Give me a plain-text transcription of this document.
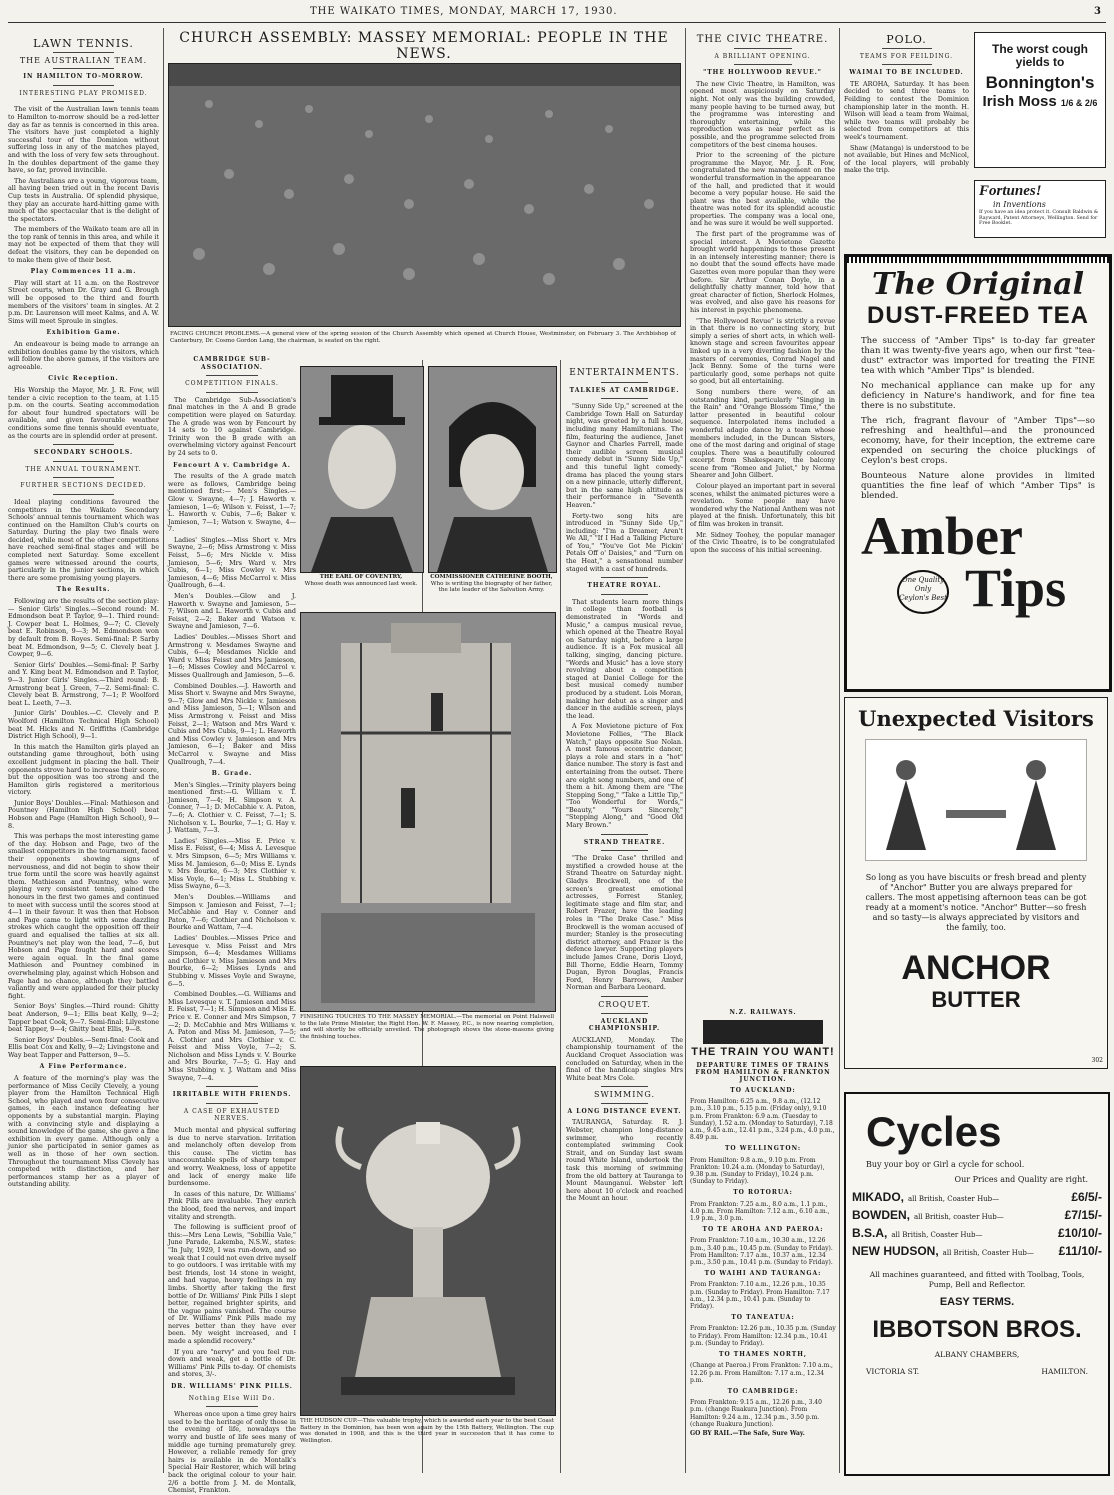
THE WAIKATO TIMES, MONDAY, MARCH 17, 1930.	3
LAWN TENNIS.
THE AUSTRALIAN TEAM.
IN HAMILTON TO-MORROW.
INTERESTING PLAY PROMISED.

The visit of the Australian lawn tennis team to Hamilton to-morrow should be a red-letter day as far as tennis is concerned in this area. The visitors have just completed a highly successful tour of the Dominion without suffering loss in any of the matches played, and with the loss of very few sets throughout. In the doubles department of the game they have, so far, proved invincible.

The Australians are a young, vigorous team, all having been tried out in the recent Davis Cup tests in Australia. Of splendid physique, they play an accurate hard-hitting game with much of the spectacular that is the delight of the spectators.

The members of the Waikato team are all in the top rank of tennis in this area, and while it may not be expected of them that they will defeat the visitors, they can be depended on to make them give of their best.

Play Commences 11 a.m.

Play will start at 11 a.m. on the Rostrevor Street courts, when Dr. Gray and G. Brough will be opposed to the third and fourth members of the visitors' team in singles. At 2 p.m. Dr. Laurenson will meet Kalms, and A. W. Sims will meet Sproule in singles.

Exhibition Game.

An endeavour is being made to arrange an exhibition doubles game by the visitors, which will follow the above games, if the visitors are agreeable.

Civic Reception.

His Worship the Mayor, Mr. J. R. Fow, will tender a civic reception to the team, at 1.15 p.m. on the courts. Seating accommodation for about four hundred spectators will be available, and given favourable weather conditions some fine tennis should eventuate, as the courts are in splendid order at present.

SECONDARY SCHOOLS.
THE ANNUAL TOURNAMENT.
FURTHER SECTIONS DECIDED.

Ideal playing conditions favoured the competitors in the Waikato Secondary Schools' annual tennis tournament which was continued on the Hamilton Club's courts on Saturday. During the play two finals were decided, while most of the other competitions have reached semi-final stages and will be completed next Saturday. Some excellent games were witnessed around the courts, particularly in the junior sections, in which there are some promising young players.

The Results.

Following are the results of the section play:— Senior Girls' Singles.—Second round: M. Edmondson beat P. Taylor, 9—1. Third round: J. Cowper beat L. Holmes, 9—7; C. Clevely beat E. Robinson, 9—3; M. Edmondson won by default from B. Royes. Semi-final: P. Sarby beat M. Edmondson, 9—5; C. Clevely beat J. Cowper, 9—6.

Senior Girls' Doubles.—Semi-final: P. Sarby and Y. King beat M. Edmondson and P. Taylor, 9—3. Junior Girls' Singles.—Third round: B. Armstrong beat J. Green, 7—2. Semi-final: C. Clevely beat B. Armstrong, 7—1; P. Woolford beat L. Leeth, 7—3.

Junior Girls' Doubles.—C. Clevely and P. Woolford (Hamilton Technical High School) beat M. Hicks and N. Griffiths (Cambridge District High School), 9—1.

In this match the Hamilton girls played an outstanding game throughout, both using excellent judgment in placing the ball. Their opponents strove hard to increase their score, but the opposition was too strong and the Hamilton girls registered a meritorious victory.

Junior Boys' Doubles.—Final: Mathieson and Pountney (Hamilton High School) beat Hobson and Page (Hamilton High School), 9—8.

This was perhaps the most interesting game of the day. Hobson and Page, two of the smallest competitors in the tournament, faced their opponents showing signs of nervousness, and did not begin to show their true form until the score was heavily against them. Mathieson and Pountney, who were playing very consistent tennis, gained the honours in the first two games and continued to meet with success until the scores stood at 4—1 in their favour. It was then that Hobson and Page came to light with some dazzling strokes which caught the opposition off their guard and equalised the tallies at six all. Pountney's net play won the lead, 7—6, but Hobson and Page fought hard and scores were again equal. In the final game Mathieson and Pountney combined in overwhelming play, against which Hobson and Page had no chance, although they battled valiantly and were applauded for their plucky fight.

Senior Boys' Singles.—Third round: Ghitty beat Anderson, 9—1; Ellis beat Kelly, 9—2; Tapper beat Cook, 9—7. Semi-final: Lilyestone beat Tapper, 9—4; Ghitty beat Ellis, 9—8.

Senior Boys' Doubles.—Semi-final: Cook and Ellis beat Cox and Kelly, 9—2; Livingstone and Way beat Tapper and Patterson, 9—5.

A Fine Performance.

A feature of the morning's play was the performance of Miss Cecily Clevely, a young player from the Hamilton Technical High School, who played and won four consecutive games, in each instance defeating her opponents by a substantial margin. Playing with a convincing style and displaying a sound knowledge of the game, she gave a fine exhibition in every game. Although only a junior she participated in senior games as well as in those of her own section. Throughout the tournament Miss Clevely has competed with distinction, and her performances stamp her as a player of outstanding ability.

CHURCH ASSEMBLY: MASSEY MEMORIAL: PEOPLE IN THE NEWS.
FACING CHURCH PROBLEMS.—A general view of the spring session of the Church Assembly which opened at Church House, Westminster, on February 3. The Archbishop of Canterbury, Dr. Cosmo Gordon Lang, the chairman, is seated on the right.
THE EARL OF COVENTRY,
Whose death was announced last week.
COMMISSIONER CATHERINE BOOTH,
Who is writing the biography of her father, the late leader of the Salvation Army.
FINISHING TOUCHES TO THE MASSEY MEMORIAL.—The memorial on Point Halswell to the late Prime Minister, the Right Hon. W. F. Massey, P.C., is now nearing completion, and will shortly be officially unveiled. The photograph shows the stone-masons giving the finishing touches.
THE HUDSON CUP.—This valuable trophy, which is awarded each year to the best Coast Battery in the Dominion, has been won again by the 15th Battery, Wellington. The cup was donated in 1908, and this is the third year in succession that it has come to Wellington.
CAMBRIDGE SUB-ASSOCIATION.
COMPETITION FINALS.

The Cambridge Sub-Association's final matches in the A and B grade competition were played on Saturday. The A grade was won by Fencourt by 14 sets to 10 against Cambridge. Trinity won the B grade with an overwhelming victory against Fencourt by 24 sets to 0.

Fencourt A v. Cambridge A.

The results of the A grade match were as follows, Cambridge being mentioned first:— Men's Singles.—Glow v. Swayne, 4—7; J. Haworth v. Jamieson, 1—6; Wilson v. Feisst, 1—7; L. Haworth v. Cubis, 7—6; Baker v. Jamieson, 7—1; Watson v. Swayne, 4—7.

Ladies' Singles.—Miss Short v. Mrs Swayne, 2—6; Miss Armstrong v. Miss Feisst, 5—6; Mrs Nickle v. Miss Jamieson, 5—6; Mrs Ward v. Mrs Cubis, 6—1; Miss Cowley v. Mrs Jamieson, 4—6; Miss McCarrol v. Miss Quallrough, 6—4.

Men's Doubles.—Glow and J. Haworth v. Swayne and Jamieson, 5—7; Wilson and L. Haworth v. Cubis and Feisst, 2—2; Baker and Watson v. Swayne and Jamieson, 7—6.

Ladies' Doubles.—Misses Short and Armstrong v. Mesdames Swayne and Cubis, 6—4; Mesdames Nickle and Ward v. Miss Feisst and Mrs Jamieson, 1—6; Misses Cowley and McCarrol v. Misses Quallrough and Jamieson, 5—6.

Combined Doubles.—J. Haworth and Miss Short v. Swayne and Mrs Swayne, 9—7; Glow and Mrs Nickle v. Jamieson and Miss Jamieson, 5—1; Wilson and Miss Armstrong v. Feisst and Miss Feisst, 2—1; Watson and Mrs Ward v. Cubis and Mrs Cubis, 9—1; L. Haworth and Miss Cowley v. Jamieson and Mrs Jamieson, 6—1; Baker and Miss McCarrol v. Swayne and Miss Quallrough, 7—4.

B. Grade.

Men's Singles.—Trinity players being mentioned first:—G. William v. T. Jamieson, 7—4; H. Simpson v. A. Conner, 7—1; D. McCabhie v. A. Paton, 7—6; A. Clothier v. C. Feisst, 7—1; S. Nicholson v. L. Bourke, 7—1; G. Hay v. J. Wattam, 7—3.

Ladies' Singles.—Miss E. Price v. Miss E. Feisst, 6—4; Miss A. Levesque v. Mrs Simpson, 6—5; Mrs Williams v. Miss M. Jamieson, 6—0; Miss E. Lynds v. Mrs Bourke, 6—3; Mrs Clothier v. Miss Voyle, 6—1; Miss L. Stubbing v. Miss Swayne, 6—3.

Men's Doubles.—Williams and Simpson v. Jamieson and Feisst, 7—1; McCabhie and Hay v. Conner and Paton, 7—6; Clothier and Nicholson v. Bourke and Wattam, 7—4.

Ladies' Doubles.—Misses Price and Levesque v. Miss Feisst and Mrs Simpson, 6—4; Mesdames Williams and Clothier v. Miss Jamieson and Mrs Bourke, 6—2; Misses Lynds and Stubbing v. Misses Voyle and Swayne, 6—5.

Combined Doubles.—G. Williams and Miss Levesque v. T. Jamieson and Miss E. Feisst, 7—1; H. Simpson and Miss E. Price v. E. Conner and Mrs Simpson, 7—2; D. McCabhie and Mrs Williams v. A. Paton and Miss M. Jamieson, 7—5; A. Clothier and Mrs Clothier v. C. Feisst and Miss Voyle, 7—2; S. Nicholson and Miss Lynds v. V. Bourke and Mrs Bourke, 7—5; G. Hay and Miss Stubbing v. J. Wattam and Miss Swayne, 7—4.

IRRITABLE WITH FRIENDS.
A CASE OF EXHAUSTED NERVES.

Much mental and physical suffering is due to nerve starvation. Irritation and melancholy often develop from this cause. The victim has unaccountable spells of sharp temper and worry. Weakness, loss of appetite and lack of energy make life burdensome.

In cases of this nature, Dr. Williams' Pink Pills are invaluable. They enrich the blood, feed the nerves, and impart vitality and strength.

The following is sufficient proof of this:—Mrs Lena Lewis, "Sobillia Vale," June Parade, Lakemba, N.S.W., states: "In July, 1929, I was run-down, and so weak that I could not even drive myself to go outdoors. I was irritable with my best friends, lost 14 stone in weight, and had vague, heavy feelings in my limbs. Shortly after taking the first bottle of Dr. Williams' Pink Pills I slept better, regained brighter spirits, and the vague pains vanished. The course of Dr. Williams' Pink Pills made my nerves better than they have ever been. My weight increased, and I made a splendid recovery."

If you are "nervy" and you feel run-down and weak, get a bottle of Dr. Williams' Pink Pills to-day. Of chemists and stores, 3/-.

DR. WILLIAMS' PINK PILLS.
Nothing Else Will Do.

Whereas once upon a time grey hairs used to be the heritage of only those in the evening of life, nowadays the worry and bustle of life sees many of middle age turning prematurely grey. However, a reliable remedy for grey hairs is available in de Montalk's Special Hair Restorer, which will bring back the original colour to your hair. 2/6 a bottle from J. M. de Montalk, Chemist, Frankton.

ENTERTAINMENTS.
TALKIES AT CAMBRIDGE.

"Sunny Side Up," screened at the Cambridge Town Hall on Saturday night, was greeted by a full house, including many Hamiltonians. The film, featuring the audience, Janet Gaynor and Charles Farrell, made their audible screen musical comedy debut in "Sunny Side Up," and this tuneful light comedy-drama has placed the young stars on a new pinnacle, utterly different, but in the same high altitude as their performance in "Seventh Heaven."

Forty-two song hits are introduced in "Sunny Side Up," including: "I'm a Dreamer, Aren't We All," "If I Had a Talking Picture of You," "You've Got Me Pickin' Petals Off o' Daisies," and "Turn on the Heat," a sensational number staged with a cast of hundreds.

THEATRE ROYAL.

That students learn more things in college than football is demonstrated in "Words and Music," a campus musical revue, which opened at the Theatre Royal on Saturday night, before a large audience. It is a Fox musical all talking, singing, dancing picture. "Words and Music" has a love story revolving about a competition staged at Daniel College for the best musical comedy number produced by a student. Lois Moran, making her debut as a singer and dancer in the audible screen, plays the lead.

A Fox Movietone picture of Fox Movietone Follies, "The Black Watch," plays opposite Sue Nolan. A most famous eccentric dancer, plays a role and stars in a "hot" dance number. The story is fast and entertaining from the outset. There are eight song numbers, and one of them a hit. Among them are "The Stepping Song," "Take a Little Tip," "Too Wonderful for Words," "Beauty," "Yours Sincerely," "Stepping Along," and "Good Old Mary Brown."

STRAND THEATRE.

"The Drake Case" thrilled and mystified a crowded house at the Strand Theatre on Saturday night. Gladys Brockwell, one of the screen's greatest emotional actresses, Forrest Stanley, legitimate stage and film star, and Robert Frazer, have the leading roles in "The Drake Case." Miss Brockwell is the woman accused of murder; Stanley is the prosecuting district attorney, and Frazer is the defence lawyer. Supporting players include James Crane, Doris Lloyd, Bill Thorne, Eddie Hearn, Tommy Dugan, Byron Douglas, Francis Ford, Henry Barrows, Amber Norman and Barbara Leonard.

CROQUET.
AUCKLAND CHAMPIONSHIP.

AUCKLAND, Monday. The championship tournament of the Auckland Croquet Association was concluded on Saturday, when in the final of the handicap singles Mrs White beat Mrs Cole.

SWIMMING.
A LONG DISTANCE EVENT.

TAURANGA, Saturday. R. J. Webster, champion long-distance swimmer, who recently contemplated swimming Cook Strait, and on Sunday last swam round White Island, undertook the task this morning of swimming from the old battery at Tauranga to Mount Maunganui. Webster left here about 10 o'clock and reached the Mount an hour.

THE CIVIC THEATRE.
A BRILLIANT OPENING.
"THE HOLLYWOOD REVUE."

The new Civic Theatre, in Hamilton, was opened most auspiciously on Saturday night. Not only was the building crowded, many people having to be turned away, but the programme was interesting and thoroughly entertaining, while the reproduction was as near perfect as is possible, and the programme selected from competitors of the best cinema houses.

Prior to the screening of the picture programme the Mayor, Mr. J. R. Fow, congratulated the new management on the wonderful transformation in the appearance of the hall, and predicted that it would become a very popular house. He said the plant was the best available, while the theatre was noted for its splendid acoustic properties. The company was a local one, and he was sure it would be well supported.

The first part of the programme was of special interest. A Movietone Gazette brought world happenings to those present in an intensely interesting manner; there is no doubt that the sound effects have made Gazettes even more popular than they were before. Sir Arthur Conan Doyle, in a delightfully chatty manner, told how that great character of fiction, Sherlock Holmes, was evolved, and also gave his reasons for his interest in psychic phenomena.

"The Hollywood Revue" is strictly a revue in that there is no connecting story, but simply a series of short acts, in which well-known stage and screen favourites appear linked up in a very diverting fashion by the masters of ceremonies, Conrad Nagel and Jack Benny. Some of the turns were particularly good, some perhaps not quite so good, but all entertaining.

Song numbers there were, of an outstanding kind, particularly "Singing in the Rain" and "Orange Blossom Time," the latter presented in beautiful colour sequence. Interpolated items included a wonderful adagio dance by a team whose members included, in the Duncan Sisters, one of the most daring and original of stage couples. There was a beautifully coloured excerpt from Shakespeare, the balcony scene from "Romeo and Juliet," by Norma Shearer and John Gilbert.

Colour played an important part in several scenes, whilst the animated pictures were a revelation. Some people may have wondered why the National Anthem was not played at the finish. Unfortunately, this bit of film was broken in transit.

Mr. Sidney Toohey, the popular manager of the Civic Theatre, is to be congratulated upon the success of his initial screening.

N.Z. RAILWAYS.
THE TRAIN YOU WANT!
DEPARTURE TIMES OF TRAINS FROM HAMILTON & FRANKTON JUNCTION.
TO AUCKLAND:
From Hamilton: 6.25 a.m., 9.8 a.m., (12.12 p.m., 3.10 p.m., 5.15 p.m. (Friday only), 9.10 p.m. From Frankton: 6.9 a.m. (Tuesday to Sunday), 1.52 a.m. (Monday to Saturday), 7.18 a.m., 9.45 a.m., 12.41 p.m., 3.24 p.m., 4.0 p.m., 8.49 p.m.
TO WELLINGTON:
From Hamilton: 9.8 a.m., 9.10 p.m. From Frankton: 10.24 a.m. (Monday to Saturday), 9.38 p.m. (Sunday to Friday), 10.24 p.m. (Sunday to Friday).
TO ROTORUA:
From Frankton: 7.25 a.m., 8.0 a.m., 1.1 p.m., 4.0 p.m. From Hamilton: 7.12 a.m., 6.10 a.m., 1.9 p.m., 3.0 p.m.
TO TE AROHA AND PAEROA:
From Frankton: 7.10 a.m., 10.30 a.m., 12.26 p.m., 3.40 p.m., 10.45 p.m. (Sunday to Friday). From Hamilton: 7.17 a.m., 10.37 a.m., 12.34 p.m., 3.50 p.m., 10.41 p.m. (Sunday to Friday).
TO WAIHI AND TAURANGA:
From Frankton: 7.10 a.m., 12.26 p.m., 10.35 p.m. (Sunday to Friday). From Hamilton: 7.17 a.m., 12.34 p.m., 10.41 p.m. (Sunday to Friday).
TO TANEATUA:
From Frankton: 12.26 p.m., 10.35 p.m. (Sunday to Friday). From Hamilton: 12.34 p.m., 10.41 p.m. (Sunday to Friday).
TO THAMES NORTH,
(Change at Paeroa.) From Frankton: 7.10 a.m., 12.26 p.m. From Hamilton: 7.17 a.m., 12.34 p.m.
TO CAMBRIDGE:
From Frankton: 9.15 a.m., 12.26 p.m., 3.40 p.m. (change Ruakura Junction). From Hamilton: 9.24 a.m., 12.34 p.m., 3.50 p.m. (change Ruakura Junction).
GO BY RAIL.—The Safe, Sure Way.
POLO.
TEAMS FOR FEILDING.
WAIMAI TO BE INCLUDED.

TE AROHA, Saturday. It has been decided to send three teams to Feilding to contest the Dominion championship later in the month. H. Wilson will lead a team from Waimai, while two teams will probably be selected from competitors at this week's tournament.

Shaw (Matanga) is understood to be not available, but Hines and McNicol, of the local players, will probably make the trip.

The worst cough yields to
Bonnington's
Irish Moss 1/6 & 2/6
Fortunes!
in Inventions
If you have an idea protect it. Consult Baldwin & Rayward, Patent Attorneys, Wellington. Send for Free Booklet.
The Original
DUST-FREED TEA

The success of "Amber Tips" is to-day far greater than it was twenty-five years ago, when our first "tea-dust" extractor was imported for treating the FINE tea with which "Amber Tips" is blended.

No mechanical appliance can make up for any deficiency in Nature's handiwork, and for fine tea there is no substitute.

The rich, fragrant flavour of "Amber Tips"—so refreshing and healthful—and the pronounced economy, have, for their inception, the extreme care expended on securing the choice pluckings of Ceylon's best crops.

Bounteous Nature alone provides in limited quantities the fine leaf of which "Amber Tips" is blended.

Amber
Tips
One Quality Only Ceylon's Best
Unexpected Visitors
So long as you have biscuits or fresh bread and plenty of "Anchor" Butter you are always prepared for callers. The most appetising afternoon teas can be got ready at a moment's notice. "Anchor" Butter—so fresh and so tasty—is always appreciated by visitors and the family, too.
ANCHOR
BUTTER
302
Cycles
Buy your boy or Girl a cycle for school.
Our Prices and Quality are right.
MIKADO, all British, Coaster Hub—	£6/5/-
BOWDEN, all British, coaster Hub—	£7/15/-
B.S.A, all British, Coaster Hub—	£10/10/-
NEW HUDSON, all British, Coaster Hub—	£11/10/-
All machines guaranteed, and fitted with Toolbag, Tools, Pump, Bell and Reflector.
EASY TERMS.
IBBOTSON BROS.
ALBANY CHAMBERS,
VICTORIA ST.	HAMILTON.
